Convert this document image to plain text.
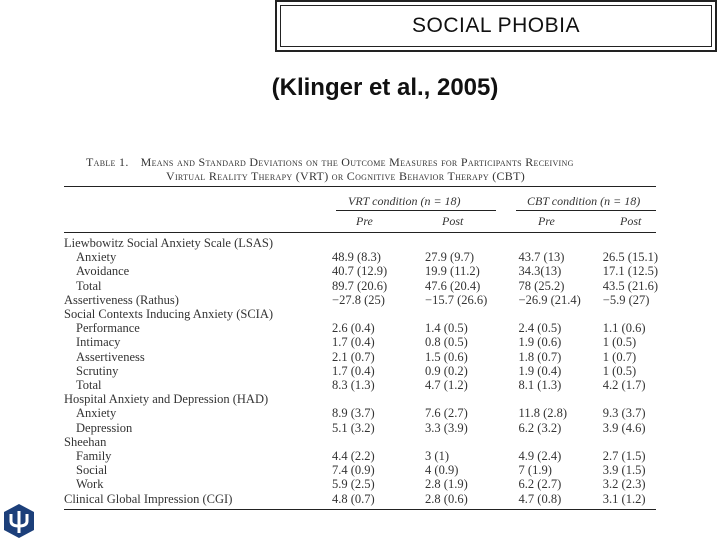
SOCIAL PHOBIA
(Klinger et al., 2005)
Table 1. Means and Standard Deviations on the Outcome Measures for Participants Receiving
Virtual Reality Therapy (VRT) or Cognitive Behavior Therapy (CBT)
VRT condition (n = 18)	CBT condition (n = 18)
Pre	Post	Pre	Post
Liewbowitz Social Anxiety Scale (LSAS)				
Anxiety	48.9 (8.3)	27.9 (9.7)	43.7 (13)	26.5 (15.1)
Avoidance	40.7 (12.9)	19.9 (11.2)	34.3(13)	17.1 (12.5)
Total	89.7 (20.6)	47.6 (20.4)	78 (25.2)	43.5 (21.6)
Assertiveness (Rathus)	−27.8 (25)	−15.7 (26.6)	−26.9 (21.4)	−5.9 (27)
Social Contexts Inducing Anxiety (SCIA)				
Performance	2.6 (0.4)	1.4 (0.5)	2.4 (0.5)	1.1 (0.6)
Intimacy	1.7 (0.4)	0.8 (0.5)	1.9 (0.6)	1 (0.5)
Assertiveness	2.1 (0.7)	1.5 (0.6)	1.8 (0.7)	1 (0.7)
Scrutiny	1.7 (0.4)	0.9 (0.2)	1.9 (0.4)	1 (0.5)
Total	8.3 (1.3)	4.7 (1.2)	8.1 (1.3)	4.2 (1.7)
Hospital Anxiety and Depression (HAD)				
Anxiety	8.9 (3.7)	7.6 (2.7)	11.8 (2.8)	9.3 (3.7)
Depression	5.1 (3.2)	3.3 (3.9)	6.2 (3.2)	3.9 (4.6)
Sheehan				
Family	4.4 (2.2)	3 (1)	4.9 (2.4)	2.7 (1.5)
Social	7.4 (0.9)	4 (0.9)	7 (1.9)	3.9 (1.5)
Work	5.9 (2.5)	2.8 (1.9)	6.2 (2.7)	3.2 (2.3)
Clinical Global Impression (CGI)	4.8 (0.7)	2.8 (0.6)	4.7 (0.8)	3.1 (1.2)
